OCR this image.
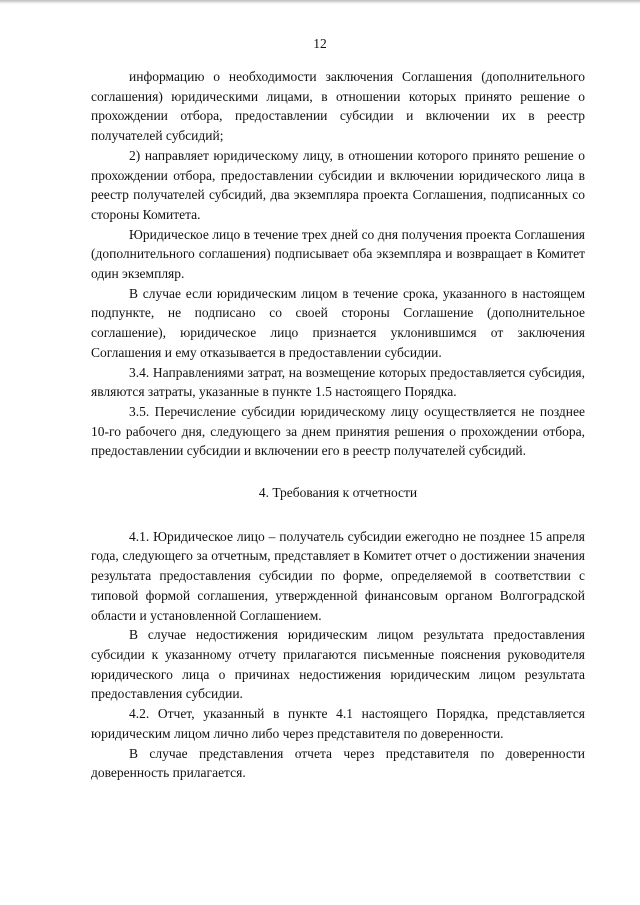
12

информацию о необходимости заключения Соглашения (дополнительного соглашения) юридическими лицами, в отношении которых принято решение о прохождении отбора, предоставлении субсидии и включении их в реестр получателей субсидий;

2) направляет юридическому лицу, в отношении которого принято решение о прохождении отбора, предоставлении субсидии и включении юридического лица в реестр получателей субсидий, два экземпляра проекта Соглашения, подписанных со стороны Комитета.

Юридическое лицо в течение трех дней со дня получения проекта Соглашения (дополнительного соглашения) подписывает оба экземпляра и возвращает в Комитет один экземпляр.

В случае если юридическим лицом в течение срока, указанного в настоящем подпункте, не подписано со своей стороны Соглашение (дополнительное соглашение), юридическое лицо признается уклонившимся от заключения Соглашения и ему отказывается в предоставлении субсидии.

3.4. Направлениями затрат, на возмещение которых предоставляется субсидия, являются затраты, указанные в пункте 1.5 настоящего Порядка.

3.5. Перечисление субсидии юридическому лицу осуществляется не позднее 10-го рабочего дня, следующего за днем принятия решения о прохождении отбора, предоставлении субсидии и включении его в реестр получателей субсидий.

4. Требования к отчетности

4.1. Юридическое лицо – получатель субсидии ежегодно не позднее 15 апреля года, следующего за отчетным, представляет в Комитет отчет о достижении значения результата предоставления субсидии по форме, определяемой в соответствии с типовой формой соглашения, утвержденной финансовым органом Волгоградской области и установленной Соглашением.

В случае недостижения юридическим лицом результата предоставления субсидии к указанному отчету прилагаются письменные пояснения руководителя юридического лица о причинах недостижения юридическим лицом результата предоставления субсидии.

4.2. Отчет, указанный в пункте 4.1 настоящего Порядка, представляется юридическим лицом лично либо через представителя по доверенности.

В случае представления отчета через представителя по доверенности доверенность прилагается.
